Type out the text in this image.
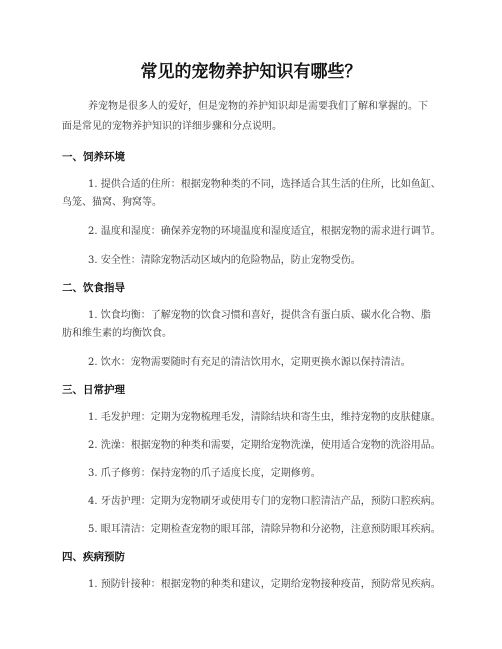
常见的宠物养护知识有哪些？
养宠物是很多人的爱好，但是宠物的养护知识却是需要我们了解和掌握的。下
面是常见的宠物养护知识的详细步骤和分点说明。
一、饲养环境
1. 提供合适的住所：根据宠物种类的不同，选择适合其生活的住所，比如鱼缸、
鸟笼、猫窝、狗窝等。
2. 温度和湿度：确保养宠物的环境温度和湿度适宜，根据宠物的需求进行调节。
3. 安全性：清除宠物活动区域内的危险物品，防止宠物受伤。
二、饮食指导
1. 饮食均衡：了解宠物的饮食习惯和喜好，提供含有蛋白质、碳水化合物、脂
肪和维生素的均衡饮食。
2. 饮水：宠物需要随时有充足的清洁饮用水，定期更换水源以保持清洁。
三、日常护理
1. 毛发护理：定期为宠物梳理毛发，清除结块和寄生虫，维持宠物的皮肤健康。
2. 洗澡：根据宠物的种类和需要，定期给宠物洗澡，使用适合宠物的洗浴用品。
3. 爪子修剪：保持宠物的爪子适度长度，定期修剪。
4. 牙齿护理：定期为宠物刷牙或使用专门的宠物口腔清洁产品，预防口腔疾病。
5. 眼耳清洁：定期检查宠物的眼耳部，清除异物和分泌物，注意预防眼耳疾病。
四、疾病预防
1. 预防针接种：根据宠物的种类和建议，定期给宠物接种疫苗，预防常见疾病。
